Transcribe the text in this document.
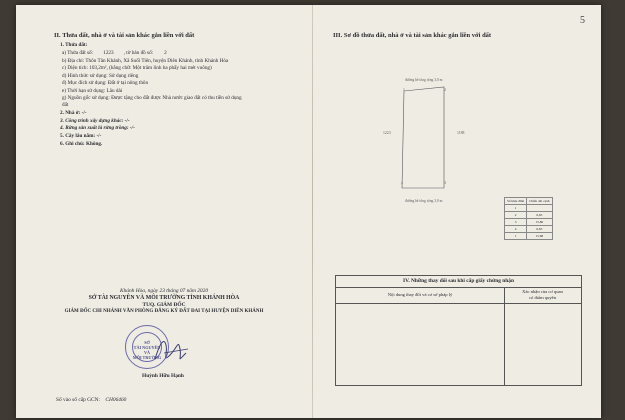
II. Thửa đất, nhà ở và tài sản khác gắn liền với đất
1. Thửa đất:
a) Thửa đất số: 1223 , tờ bản đồ số: 2
b) Địa chỉ: Thôn Tân Khánh, Xã Suối Tiên, huyện Diên Khánh, tỉnh Khánh Hòa
c) Diện tích: 103,2m², (bằng chữ: Một trăm linh ba phẩy hai mét vuông)
d) Hình thức sử dụng: Sử dụng riêng
đ) Mục đích sử dụng: Đất ở tại nông thôn
e) Thời hạn sử dụng: Lâu dài
g) Nguồn gốc sử dụng: Được tặng cho đất được Nhà nước giao đất có thu tiền sử dụng
đất
2. Nhà ở: -/-
3. Công trình xây dựng khác: -/-
4. Rừng sản xuất là rừng trồng: -/-
5. Cây lâu năm: -/-
6. Ghi chú: Không.
Khánh Hòa, ngày 23 tháng 07 năm 2020
SỞ TÀI NGUYÊN VÀ MÔI TRƯỜNG TỈNH KHÁNH HÒA
TUQ. GIÁM ĐỐC
GIÁM ĐỐC CHI NHÁNH VĂN PHÒNG ĐĂNG KÝ ĐẤT ĐAI TẠI HUYỆN DIÊN KHÁNH
SỞ
TÀI NGUYÊN
VÀ
MÔI TRƯỜNG
Huỳnh Hữu Hạnh
Số vào sổ cấp GCN: CH06460
5
III. Sơ đồ thửa đất, nhà ở và tài sản khác gắn liền với đất
đường bê tông rộng 3,0 m
1	2
3
4
1223	1188
đường bê tông rộng 3,0 m	Số hiệu đỉnh	Chiều dài cạnh
1	
2	6,65
3	15,86
4	6,65
1	15,68
IV. Những thay đổi sau khi cấp giấy chứng nhận
Nội dung thay đổi và cơ sở pháp lý
Xác nhận của cơ quan
có thẩm quyền
